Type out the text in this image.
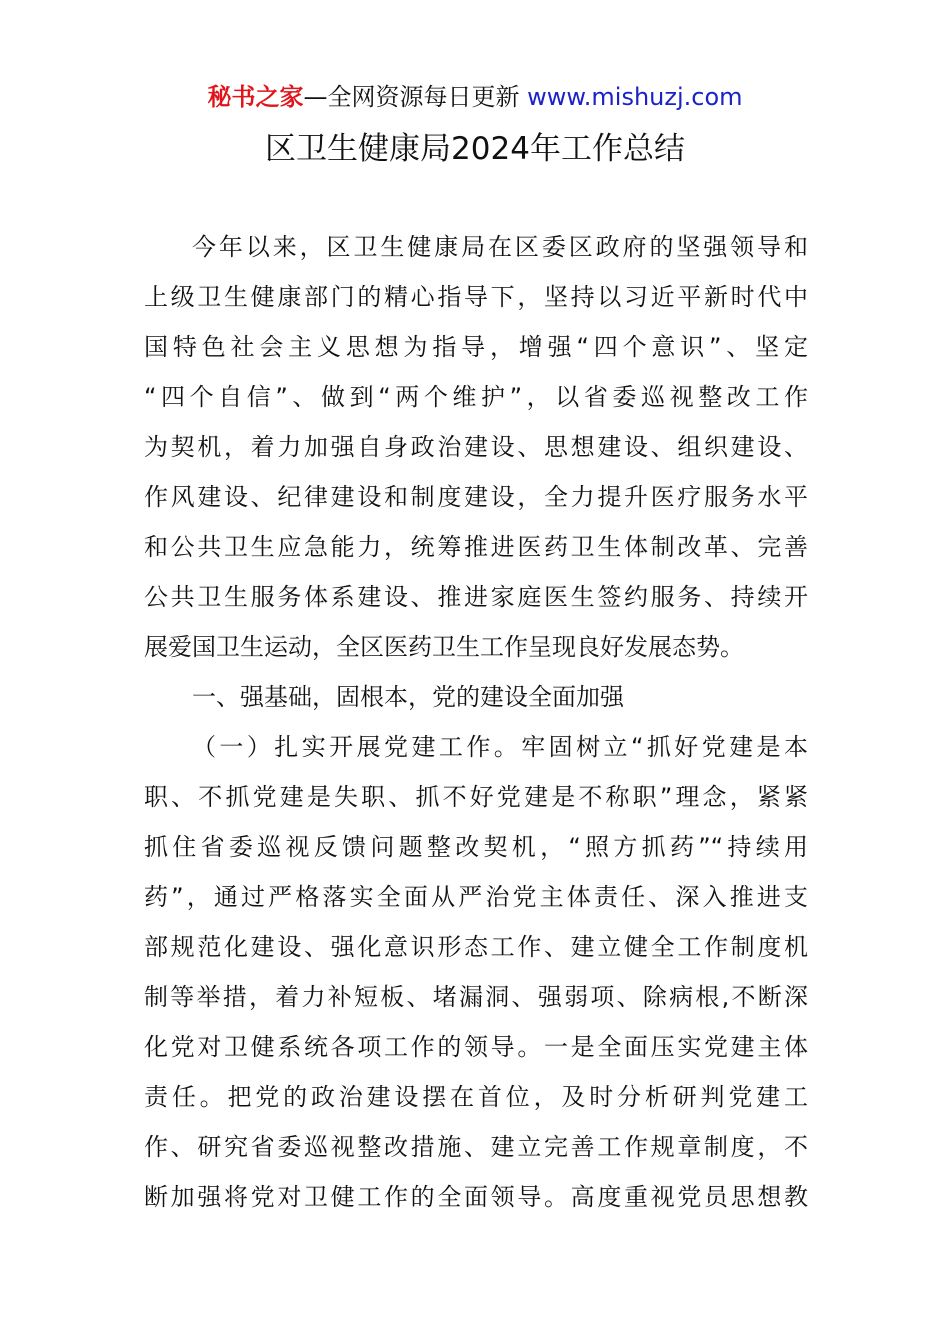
秘书之家—全网资源每日更新 www.mishuzj.com
区卫生健康局2024年工作总结
今年以来，区卫生健康局在区委区政府的坚强领导和
上级卫生健康部门的精心指导下，坚持以习近平新时代中
国特色社会主义思想为指导，增强“四个意识”、坚定
“四个自信”、做到“两个维护”，以省委巡视整改工作
为契机，着力加强自身政治建设、思想建设、组织建设、
作风建设、纪律建设和制度建设，全力提升医疗服务水平
和公共卫生应急能力，统筹推进医药卫生体制改革、完善
公共卫生服务体系建设、推进家庭医生签约服务、持续开
展爱国卫生运动，全区医药卫生工作呈现良好发展态势。
一、强基础，固根本，党的建设全面加强
（一）扎实开展党建工作。牢固树立“抓好党建是本
职、不抓党建是失职、抓不好党建是不称职”理念，紧紧
抓住省委巡视反馈问题整改契机，“照方抓药”“持续用
药”，通过严格落实全面从严治党主体责任、深入推进支
部规范化建设、强化意识形态工作、建立健全工作制度机
制等举措，着力补短板、堵漏洞、强弱项、除病根,不断深
化党对卫健系统各项工作的领导。一是全面压实党建主体
责任。把党的政治建设摆在首位，及时分析研判党建工
作、研究省委巡视整改措施、建立完善工作规章制度，不
断加强将党对卫健工作的全面领导。高度重视党员思想教
